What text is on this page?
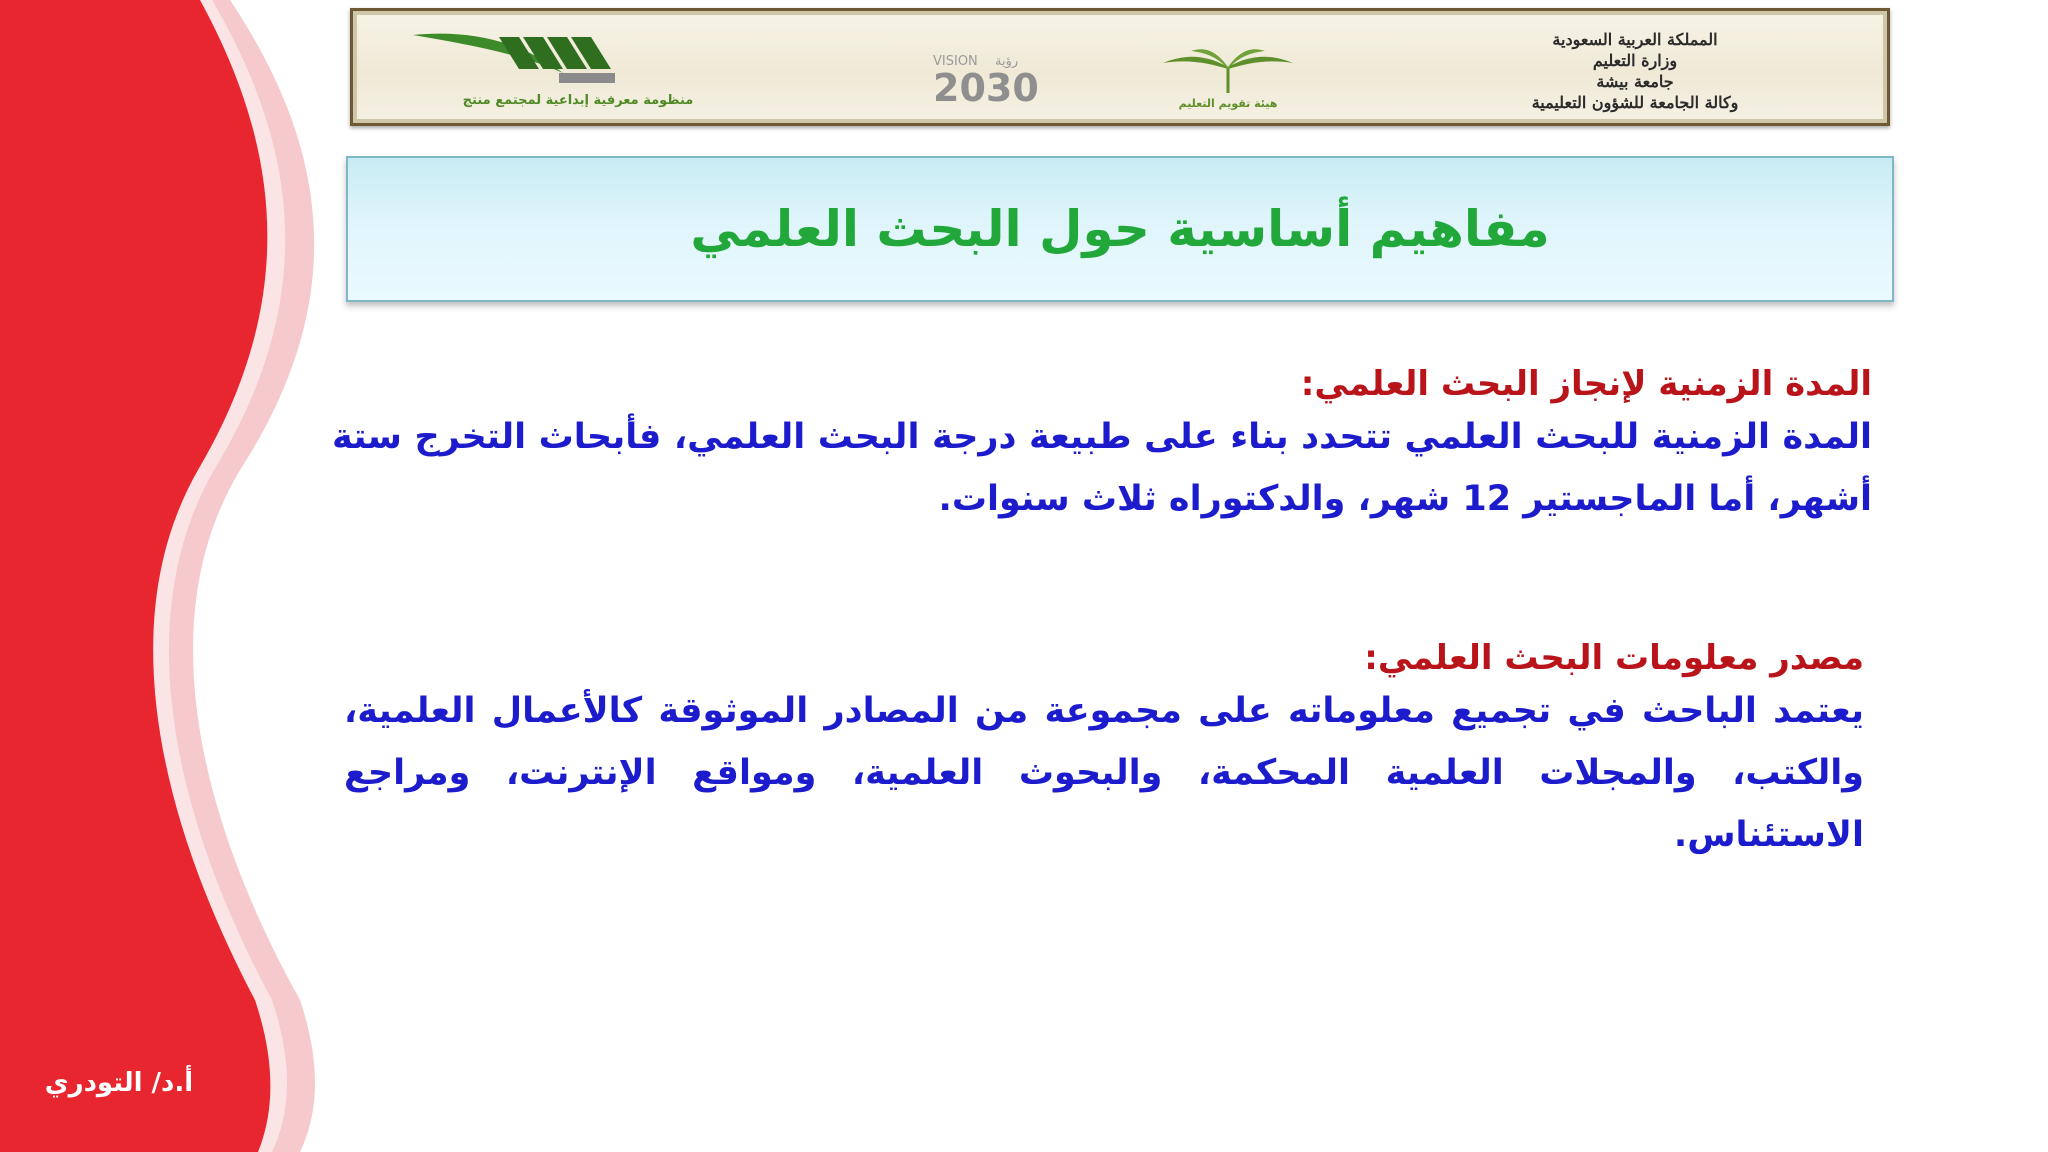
منظومة معرفية إبداعية لمجتمع منتج
VISION رؤية
2030	هيئة تقويم التعليم
المملكة العربية السعودية
وزارة التعليم
جامعة بيشة
وكالة الجامعة للشؤون التعليمية
مفاهيم أساسية حول البحث العلمي
المدة الزمنية لإنجاز البحث العلمي:
المدة الزمنية للبحث العلمي تتحدد بناء على طبيعة درجة البحث العلمي، فأبحاث التخرج ستة أشهر، أما الماجستير 12 شهر، والدكتوراه ثلاث سنوات.
مصدر معلومات البحث العلمي:
يعتمد الباحث في تجميع معلوماته على مجموعة من المصادر الموثوقة كالأعمال العلمية، والكتب، والمجلات العلمية المحكمة، والبحوث العلمية، ومواقع الإنترنت، ومراجع الاستئناس.
أ.د/ التودري
